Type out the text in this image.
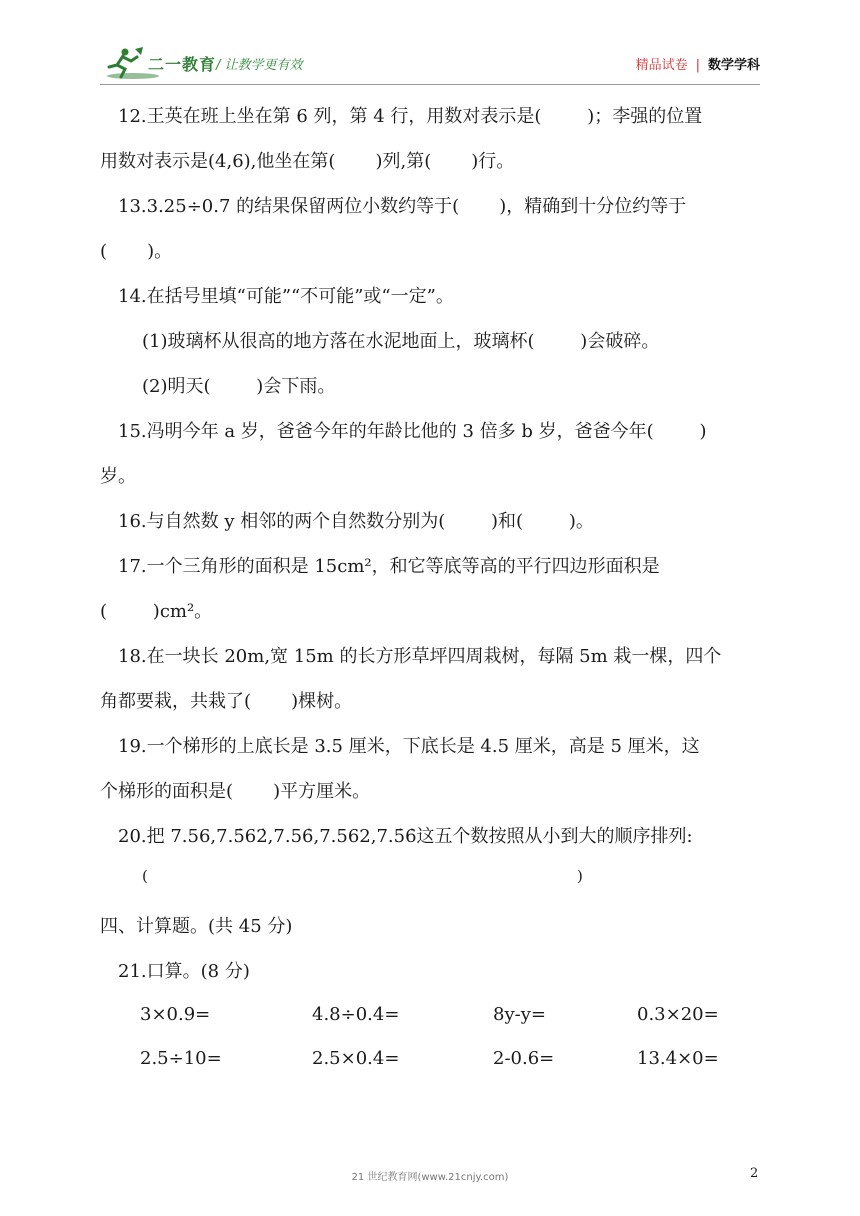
二一教育 / 让教学更有效	精品试卷 | 数学学科
12.王英在班上坐在第 6 列，第 4 行，用数对表示是(        )；李强的位置
用数对表示是(4,6),他坐在第(       )列,第(       )行。
13.3.25÷0.7 的结果保留两位小数约等于(       )，精确到十分位约等于
(       )。
14.在括号里填“可能”“不可能”或“一定”。
(1)玻璃杯从很高的地方落在水泥地面上，玻璃杯(        )会破碎。
(2)明天(        )会下雨。
15.冯明今年 a 岁，爸爸今年的年龄比他的 3 倍多 b 岁，爸爸今年(        )
岁。
16.与自然数 y 相邻的两个自然数分别为(        )和(        )。
17.一个三角形的面积是 15cm²，和它等底等高的平行四边形面积是
(        )cm²。
18.在一块长 20m,宽 15m 的长方形草坪四周栽树，每隔 5m 栽一棵，四个
角都要栽，共栽了(       )棵树。
19.一个梯形的上底长是 3.5 厘米，下底长是 4.5 厘米，高是 5 厘米，这
个梯形的面积是(       )平方厘米。
20.把 7.56,7.5̇62̇,7.56̇,7.562,7.5̇6̇这五个数按照从小到大的顺序排列:
(                                                                                          )
四、计算题。(共 45 分)
21.口算。(8 分)
3×0.9=	4.8÷0.4=	8y-y=	0.3×20=
2.5÷10=	2.5×0.4=	2-0.6=	13.4×0=
21 世纪教育网(www.21cnjy.com)	2
